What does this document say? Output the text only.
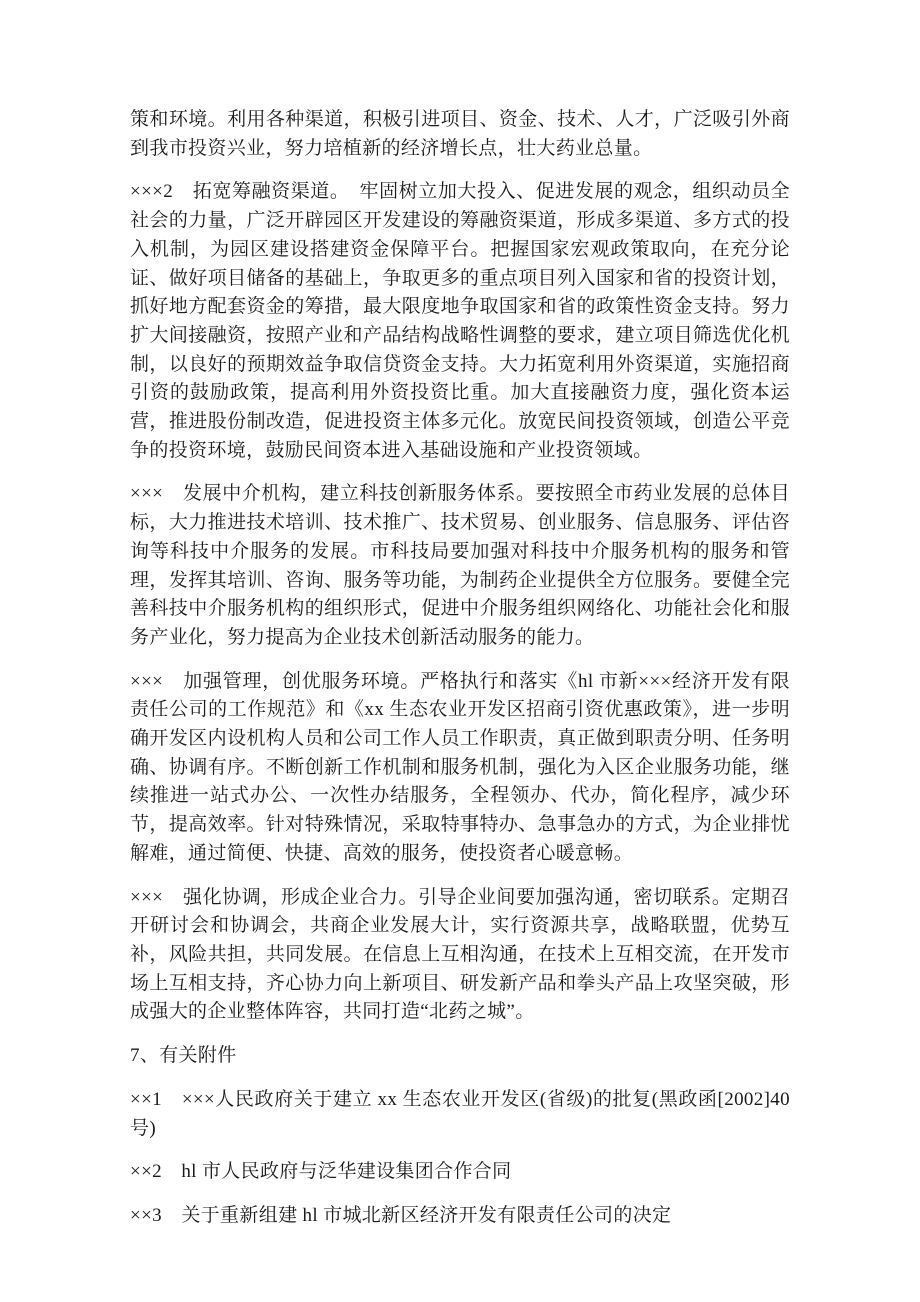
策和环境。利用各种渠道，积极引进项目、资金、技术、人才，广泛吸引外商到我市投资兴业，努力培植新的经济增长点，壮大药业总量。

×××2　拓宽筹融资渠道。　牢固树立加大投入、促进发展的观念，组织动员全社会的力量，广泛开辟园区开发建设的筹融资渠道，形成多渠道、多方式的投入机制，为园区建设搭建资金保障平台。把握国家宏观政策取向，在充分论证、做好项目储备的基础上，争取更多的重点项目列入国家和省的投资计划，抓好地方配套资金的筹措，最大限度地争取国家和省的政策性资金支持。努力扩大间接融资，按照产业和产品结构战略性调整的要求，建立项目筛选优化机制，以良好的预期效益争取信贷资金支持。大力拓宽利用外资渠道，实施招商引资的鼓励政策，提高利用外资投资比重。加大直接融资力度，强化资本运营，推进股份制改造，促进投资主体多元化。放宽民间投资领域，创造公平竞争的投资环境，鼓励民间资本进入基础设施和产业投资领域。

×××　发展中介机构，建立科技创新服务体系。要按照全市药业发展的总体目标，大力推进技术培训、技术推广、技术贸易、创业服务、信息服务、评估咨询等科技中介服务的发展。市科技局要加强对科技中介服务机构的服务和管理，发挥其培训、咨询、服务等功能，为制药企业提供全方位服务。要健全完善科技中介服务机构的组织形式，促进中介服务组织网络化、功能社会化和服务产业化，努力提高为企业技术创新活动服务的能力。

×××　加强管理，创优服务环境。严格执行和落实《hl 市新×××经济开发有限责任公司的工作规范》和《xx 生态农业开发区招商引资优惠政策》，进一步明确开发区内设机构人员和公司工作人员工作职责，真正做到职责分明、任务明确、协调有序。不断创新工作机制和服务机制，强化为入区企业服务功能，继续推进一站式办公、一次性办结服务，全程领办、代办，简化程序，减少环节，提高效率。针对特殊情况，采取特事特办、急事急办的方式，为企业排忧解难，通过简便、快捷、高效的服务，使投资者心暖意畅。

×××　强化协调，形成企业合力。引导企业间要加强沟通，密切联系。定期召开研讨会和协调会，共商企业发展大计，实行资源共享，战略联盟，优势互补，风险共担，共同发展。在信息上互相沟通，在技术上互相交流，在开发市场上互相支持，齐心协力向上新项目、研发新产品和拳头产品上攻坚突破，形成强大的企业整体阵容，共同打造“北药之城”。

7、有关附件

××1　×××人民政府关于建立 xx 生态农业开发区(省级)的批复(黑政函[2002]40 号)

××2　hl 市人民政府与泛华建设集团合作合同

××3　关于重新组建 hl 市城北新区经济开发有限责任公司的决定
